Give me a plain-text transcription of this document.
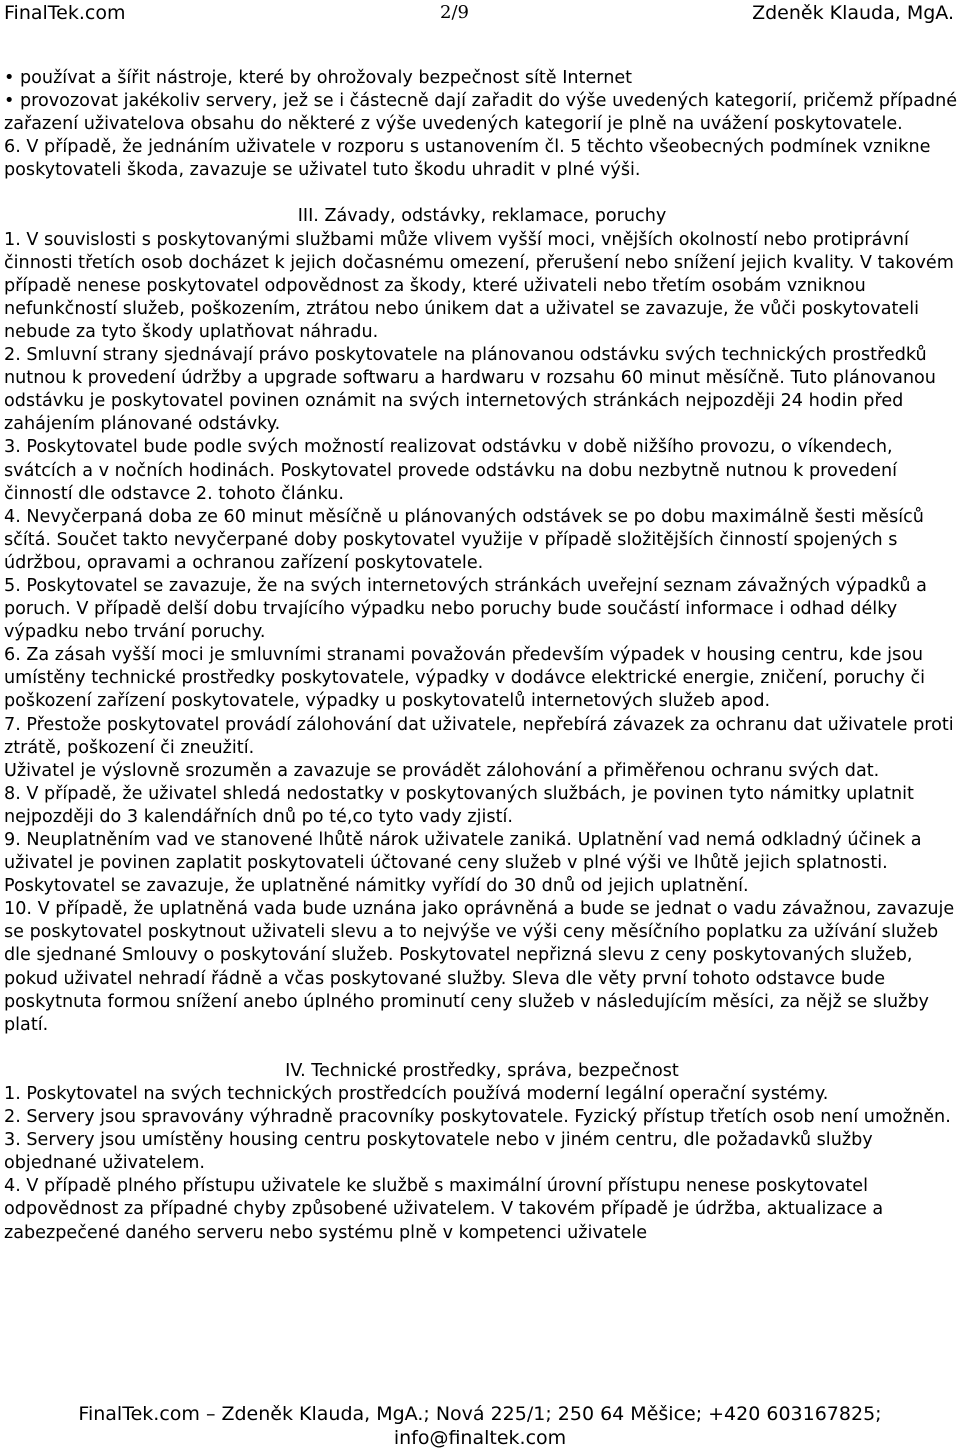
FinalTek.com	2/9	Zdeněk Klauda, MgA.

• používat a šířit nástroje, které by ohrožovaly bezpečnost sítě Internet

• provozovat jakékoliv servery, jež se i částecně dají zařadit do výše uvedených kategorií, pričemž případné zařazení uživatelova obsahu do některé z výše uvedených kategorií je plně na uvážení poskytovatele.

6. V případě, že jednáním uživatele v rozporu s ustanovením čl. 5 těchto všeobecných podmínek vznikne poskytovateli škoda, zavazuje se uživatel tuto škodu uhradit v plné výši.

III. Závady, odstávky, reklamace, poruchy

1. V souvislosti s poskytovanými službami může vlivem vyšší moci, vnějších okolností nebo protiprávní činnosti třetích osob docházet k jejich dočasnému omezení, přerušení nebo snížení jejich kvality. V takovém případě nenese poskytovatel odpovědnost za škody, které uživateli nebo třetím osobám vzniknou nefunkčností služeb, poškozením, ztrátou nebo únikem dat a uživatel se zavazuje, že vůči poskytovateli nebude za tyto škody uplatňovat náhradu.

2. Smluvní strany sjednávají právo poskytovatele na plánovanou odstávku svých technických prostředků nutnou k provedení údržby a upgrade softwaru a hardwaru v rozsahu 60 minut měsíčně. Tuto plánovanou odstávku je poskytovatel povinen oznámit na svých internetových stránkách nejpozději 24 hodin před zahájením plánované odstávky.

3. Poskytovatel bude podle svých možností realizovat odstávku v době nižšího provozu, o víkendech, svátcích a v nočních hodinách. Poskytovatel provede odstávku na dobu nezbytně nutnou k provedení činností dle odstavce 2. tohoto článku.

4. Nevyčerpaná doba ze 60 minut měsíčně u plánovaných odstávek se po dobu maximálně šesti měsíců sčítá. Součet takto nevyčerpané doby poskytovatel využije v případě složitějších činností spojených s údržbou, opravami a ochranou zařízení poskytovatele.

5. Poskytovatel se zavazuje, že na svých internetových stránkách uveřejní seznam závažných výpadků a poruch. V případě delší dobu trvajícího výpadku nebo poruchy bude součástí informace i odhad délky výpadku nebo trvání poruchy.

6. Za zásah vyšší moci je smluvními stranami považován především výpadek v housing centru, kde jsou umístěny technické prostředky poskytovatele, výpadky v dodávce elektrické energie, zničení, poruchy či poškození zařízení poskytovatele, výpadky u poskytovatelů internetových služeb apod.

7. Přestože poskytovatel provádí zálohování dat uživatele, nepřebírá závazek za ochranu dat uživatele proti ztrátě, poškození či zneužití.

Uživatel je výslovně srozuměn a zavazuje se provádět zálohování a přiměřenou ochranu svých dat.

8. V případě, že uživatel shledá nedostatky v poskytovaných službách, je povinen tyto námitky uplatnit nejpozději do 3 kalendářních dnů po té,co tyto vady zjistí.

9. Neuplatněním vad ve stanovené lhůtě nárok uživatele zaniká. Uplatnění vad nemá odkladný účinek a uživatel je povinen zaplatit poskytovateli účtované ceny služeb v plné výši ve lhůtě jejich splatnosti. Poskytovatel se zavazuje, že uplatněné námitky vyřídí do 30 dnů od jejich uplatnění.

10. V případě, že uplatněná vada bude uznána jako oprávněná a bude se jednat o vadu závažnou, zavazuje se poskytovatel poskytnout uživateli slevu a to nejvýše ve výši ceny měsíčního poplatku za užívání služeb dle sjednané Smlouvy o poskytování služeb. Poskytovatel nepřizná slevu z ceny poskytovaných služeb, pokud uživatel nehradí řádně a včas poskytované služby. Sleva dle věty první tohoto odstavce bude poskytnuta formou snížení anebo úplného prominutí ceny služeb v následujícím měsíci, za nějž se služby platí.

IV. Technické prostředky, správa, bezpečnost

1. Poskytovatel na svých technických prostředcích používá moderní legální operační systémy.

2. Servery jsou spravovány výhradně pracovníky poskytovatele. Fyzický přístup třetích osob není umožněn.

3. Servery jsou umístěny housing centru poskytovatele nebo v jiném centru, dle požadavků služby objednané uživatelem.

4. V případě plného přístupu uživatele ke službě s maximální úrovní přístupu nenese poskytovatel odpovědnost za případné chyby způsobené uživatelem. V takovém případě je údržba, aktualizace a zabezpečené daného serveru nebo systému plně v kompetenci uživatele

FinalTek.com – Zdeněk Klauda, MgA.; Nová 225/1; 250 64 Měšice; +420 603167825;
info@finaltek.com
